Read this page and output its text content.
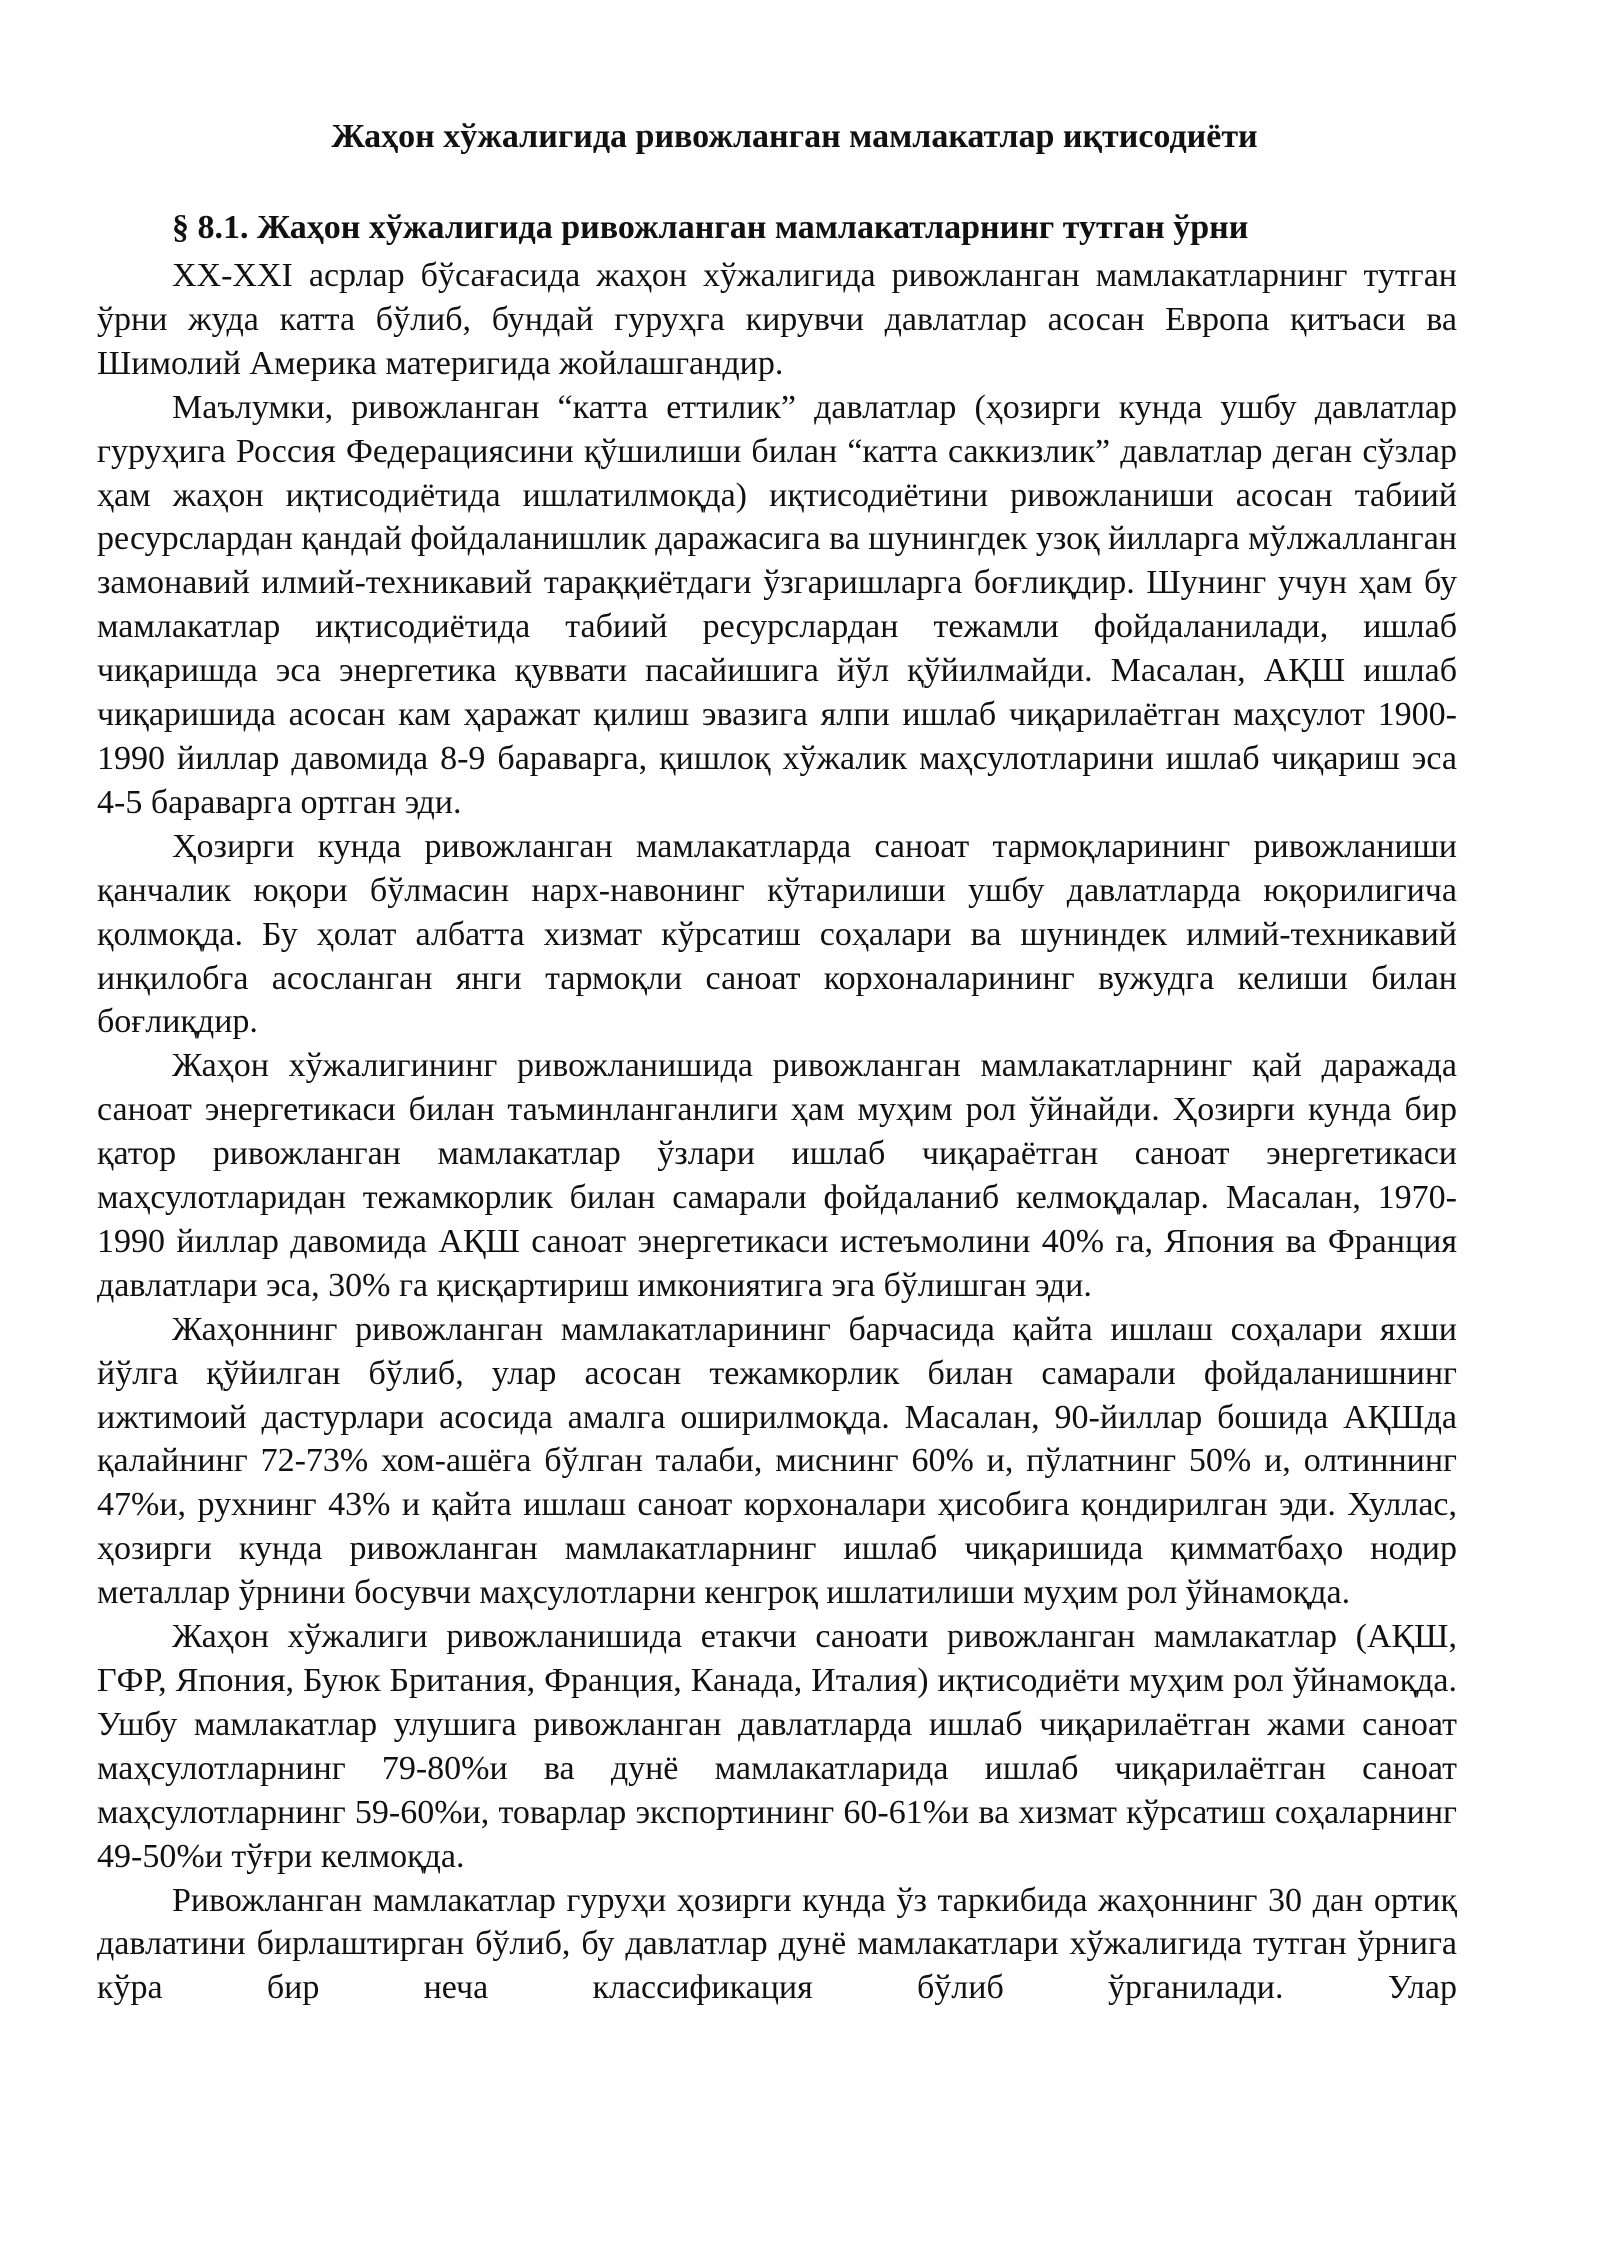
Жаҳон хўжалигида ривожланган мамлакатлар иқтисодиёти
§ 8.1. Жаҳон хўжалигида ривожланган мамлакатларнинг тутган ўрни

XX-XXI асрлар бўсағасида жаҳон хўжалигида ривожланган мамлакатларнинг тутган ўрни жуда катта бўлиб, бундай гуруҳга кирувчи давлатлар асосан Европа қитъаси ва Шимолий Америка материгида жойлашгандир.

Маълумки, ривожланган “катта еттилик” давлатлар (ҳозирги кунда ушбу давлатлар гуруҳига Россия Федерациясини қўшилиши билан “катта саккизлик” давлатлар деган сўзлар ҳам жаҳон иқтисодиётида ишлатилмоқда) иқтисодиётини ривожланиши асосан табиий ресурслардан қандай фойдаланишлик даражасига ва шунингдек узоқ йилларга мўлжалланган замонавий илмий-техникавий тараққиётдаги ўзгаришларга боғлиқдир. Шунинг учун ҳам бу мамлакатлар иқтисодиётида табиий ресурслардан тежамли фойдаланилади, ишлаб чиқаришда эса энергетика қуввати пасайишига йўл қўйилмайди. Масалан, АҚШ ишлаб чиқаришида асосан кам ҳаражат қилиш эвазига ялпи ишлаб чиқарилаётган маҳсулот 1900-1990 йиллар давомида 8-9 бараварга, қишлоқ хўжалик маҳсулотларини ишлаб чиқариш эса 4-5 бараварга ортган эди.

Ҳозирги кунда ривожланган мамлакатларда саноат тармоқларининг ривожланиши қанчалик юқори бўлмасин нарх-навонинг кўтарилиши ушбу давлатларда юқорилигича қолмоқда. Бу ҳолат албатта хизмат кўрсатиш соҳалари ва шуниндек илмий-техникавий инқилобга асосланган янги тармоқли саноат корхоналарининг вужудга келиши билан боғлиқдир.

Жаҳон хўжалигининг ривожланишида ривожланган мамлакатларнинг қай даражада саноат энергетикаси билан таъминланганлиги ҳам муҳим рол ўйнайди. Ҳозирги кунда бир қатор ривожланган мамлакатлар ўзлари ишлаб чиқараётган саноат энергетикаси маҳсулотларидан тежамкорлик билан самарали фойдаланиб келмоқдалар. Масалан, 1970-1990 йиллар давомида АҚШ саноат энергетикаси истеъмолини 40% га, Япония ва Франция давлатлари эса, 30% га қисқартириш имкониятига эга бўлишган эди.

Жаҳоннинг ривожланган мамлакатларининг барчасида қайта ишлаш соҳалари яхши йўлга қўйилган бўлиб, улар асосан тежамкорлик билан самарали фойдаланишнинг ижтимоий дастурлари асосида амалга оширилмоқда. Масалан, 90-йиллар бошида АҚШда қалайнинг 72-73% хом-ашёга бўлган талаби, миснинг 60% и, пўлатнинг 50% и, олтиннинг 47%и, рухнинг 43% и қайта ишлаш саноат корхоналари ҳисобига қондирилган эди. Хуллас, ҳозирги кунда ривожланган мамлакатларнинг ишлаб чиқаришида қимматбаҳо нодир металлар ўрнини босувчи маҳсулотларни кенгроқ ишлатилиши муҳим рол ўйнамоқда.

Жаҳон хўжалиги ривожланишида етакчи саноати ривожланган мамлакатлар (АҚШ, ГФР, Япония, Буюк Британия, Франция, Канада, Италия) иқтисодиёти муҳим рол ўйнамоқда. Ушбу мамлакатлар улушига ривожланган давлатларда ишлаб чиқарилаётган жами саноат маҳсулотларнинг 79-80%и ва дунё мамлакатларида ишлаб чиқарилаётган саноат маҳсулотларнинг 59-60%и, товарлар экспортининг 60-61%и ва хизмат кўрсатиш соҳаларнинг 49-50%и тўғри келмоқда.

Ривожланган мамлакатлар гуруҳи ҳозирги кунда ўз таркибида жаҳоннинг 30 дан ортиқ давлатини бирлаштирган бўлиб, бу давлатлар дунё мамлакатлари хўжалигида тутган ўрнига кўра бир неча классификация бўлиб ўрганилади. Улар
